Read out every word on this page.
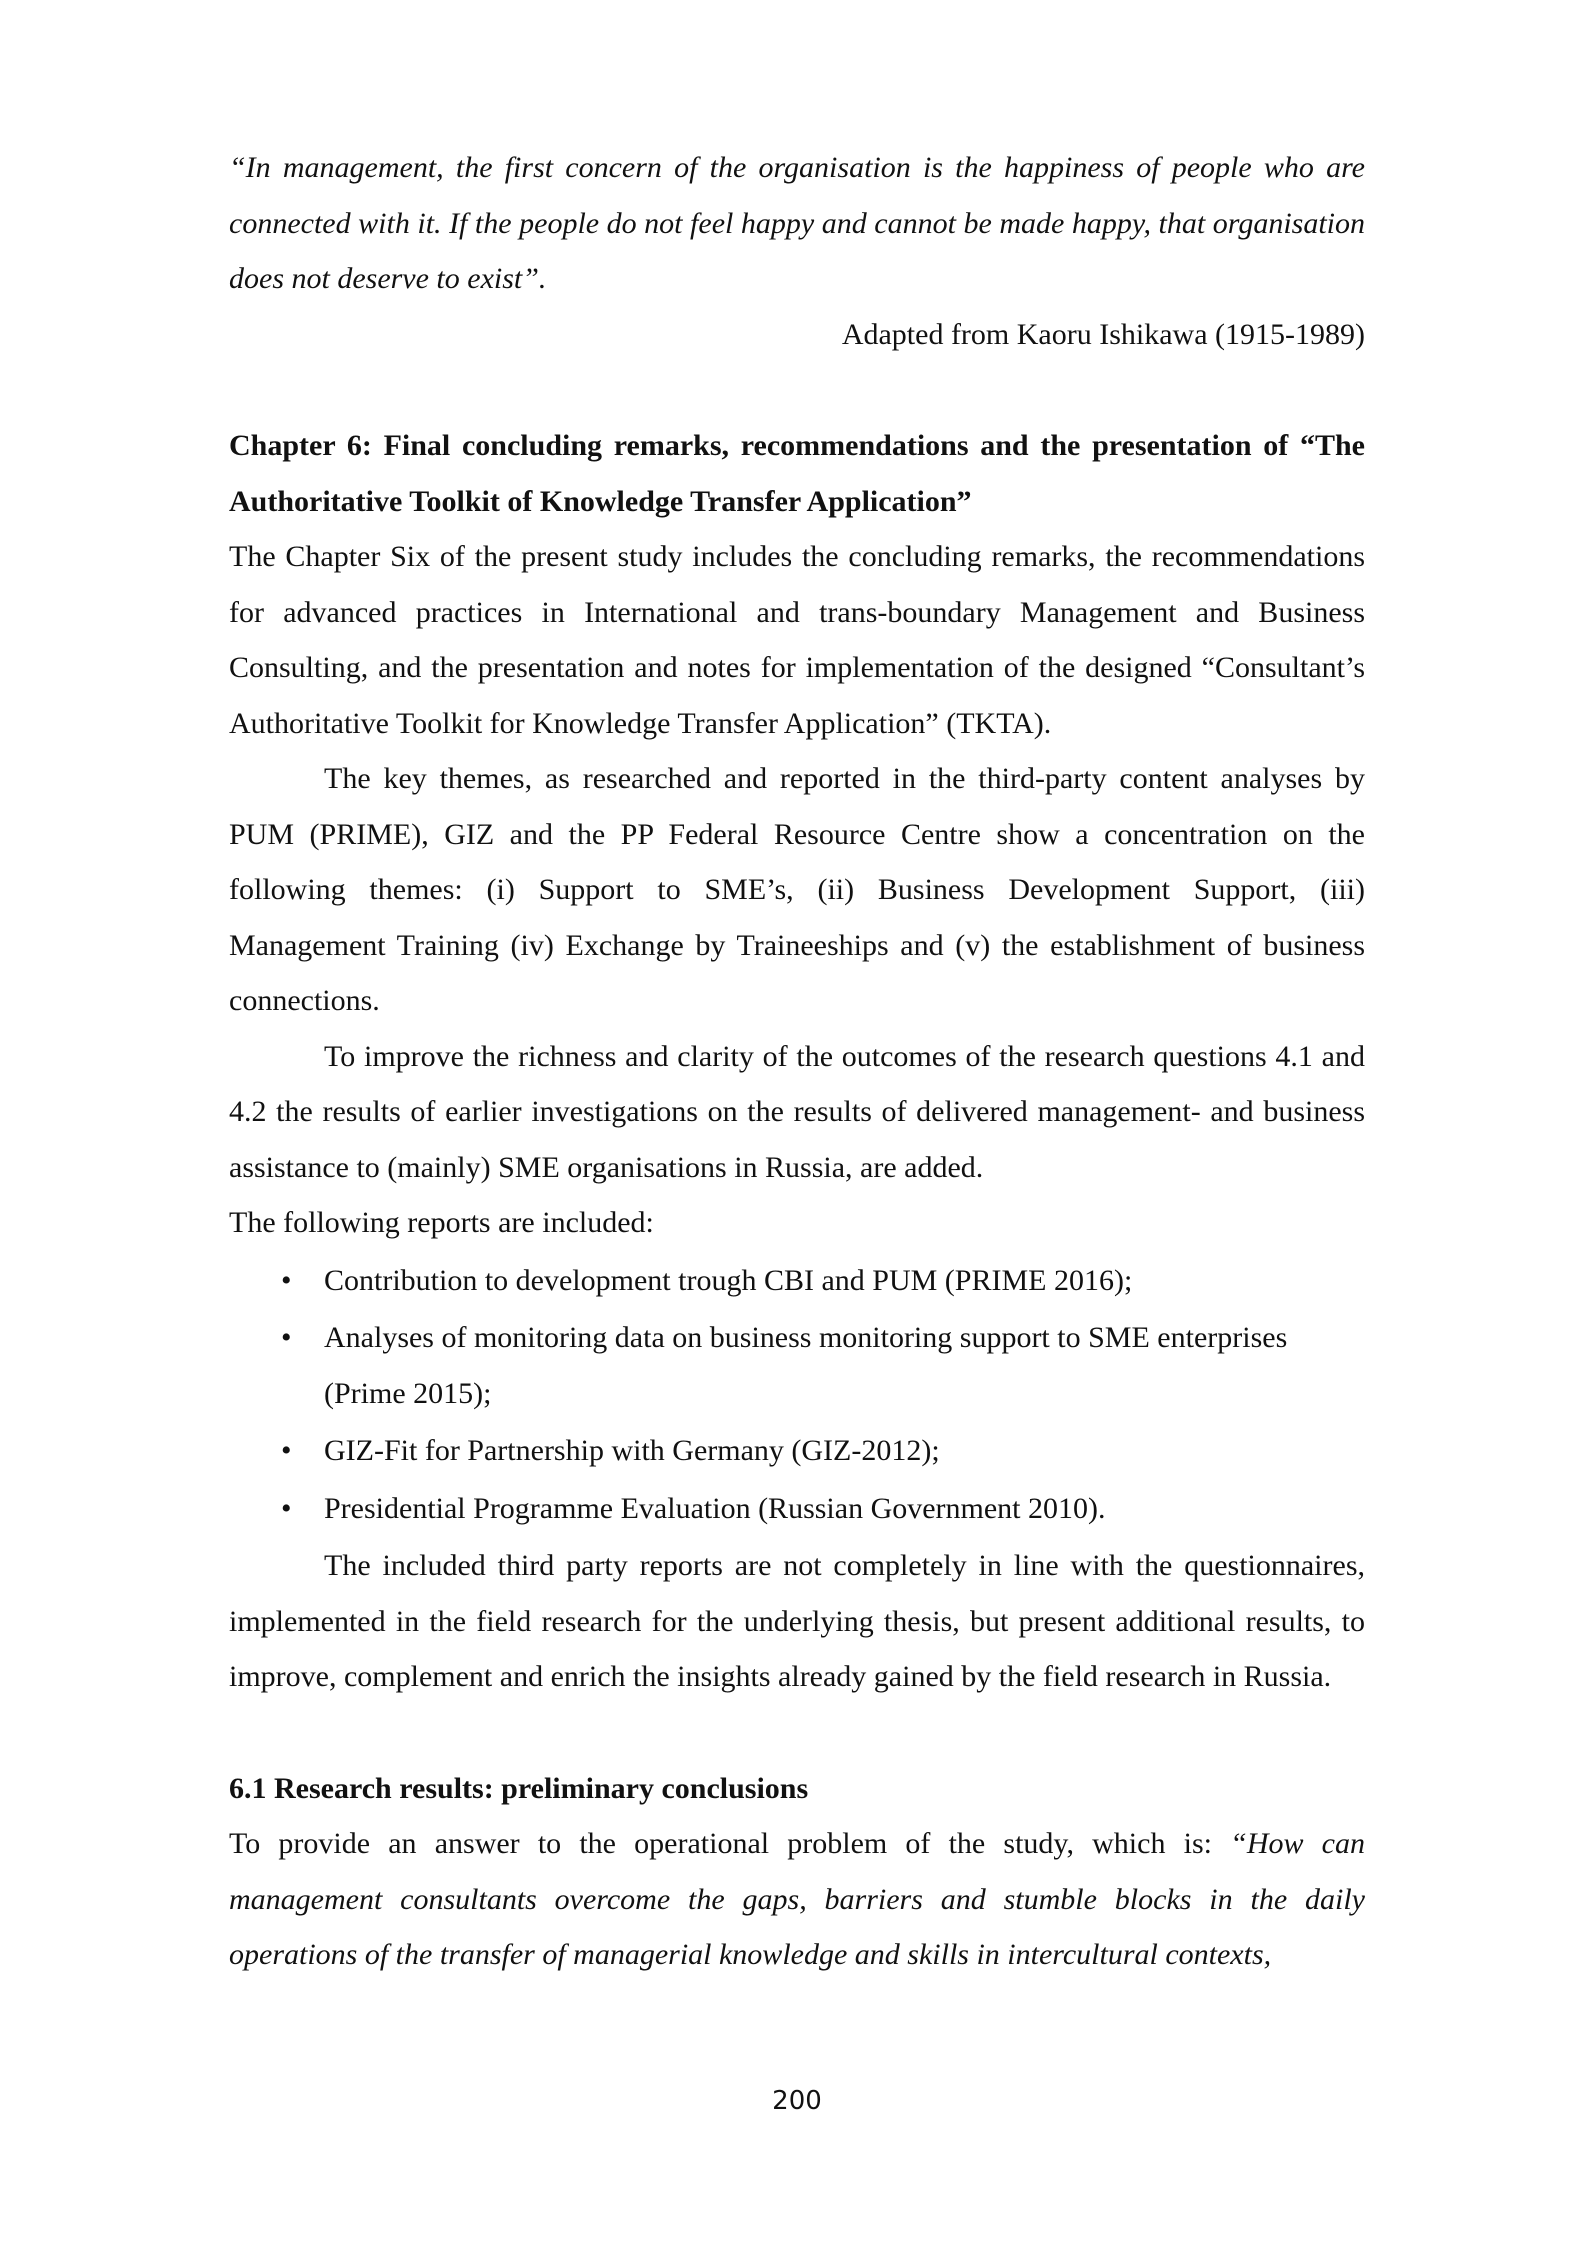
“In management, the first concern of the organisation is the happiness of people who are connected with it. If the people do not feel happy and cannot be made happy, that organisation does not deserve to exist”.

Adapted from Kaoru Ishikawa (1915-1989)

Chapter 6: Final concluding remarks, recommendations and the presentation of “The Authoritative Toolkit of Knowledge Transfer Application”

The Chapter Six of the present study includes the concluding remarks, the recommendations for advanced practices in International and trans-boundary Management and Business Consulting, and the presentation and notes for implementation of the designed “Consultant’s Authoritative Toolkit for Knowledge Transfer Application” (TKTA).

The key themes, as researched and reported in the third-party content analyses by PUM (PRIME), GIZ and the PP Federal Resource Centre show a concentration on the following themes: (i) Support to SME’s, (ii) Business Development Support, (iii) Management Training (iv) Exchange by Traineeships and (v) the establishment of business connections.

To improve the richness and clarity of the outcomes of the research questions 4.1 and 4.2 the results of earlier investigations on the results of delivered management- and business assistance to (mainly) SME organisations in Russia, are added.

The following reports are included:

• Contribution to development trough CBI and PUM (PRIME 2016);
• Analyses of monitoring data on business monitoring support to SME enterprises (Prime 2015);
• GIZ-Fit for Partnership with Germany (GIZ-2012);
• Presidential Programme Evaluation (Russian Government 2010).

The included third party reports are not completely in line with the questionnaires, implemented in the field research for the underlying thesis, but present additional results, to improve, complement and enrich the insights already gained by the field research in Russia.

6.1 Research results: preliminary conclusions

To provide an answer to the operational problem of the study, which is: “How can management consultants overcome the gaps, barriers and stumble blocks in the daily operations of the transfer of managerial knowledge and skills in intercultural contexts,

200
